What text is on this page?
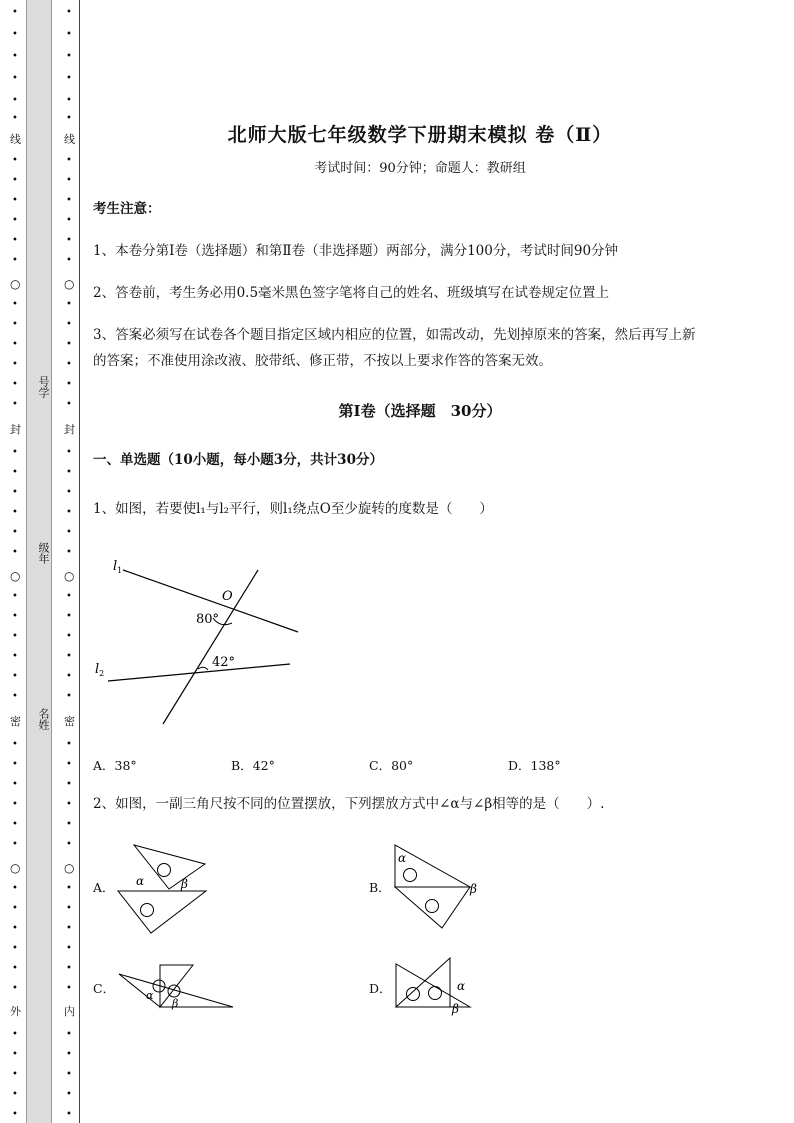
•
•
•
•
•
•
线
•
•
•
•
•
•
○
•
•
•
•
•
•
封
•
•
•
•
•
•
○
•
•
•
•
•
•
密
•
•
•
•
•
•
○
•
•
•
•
•
•
外
•
•
•
•
•
号学
级年
名姓
•
•
•
•
•
•
线
•
•
•
•
•
•
○
•
•
•
•
•
•
封
•
•
•
•
•
•
○
•
•
•
•
•
•
密
•
•
•
•
•
•
○
•
•
•
•
•
•
内
•
•
•
•
•
北师大版七年级数学下册期末模拟 卷（Ⅱ）
考试时间：90分钟；命题人：教研组
考生注意：
1、本卷分第I卷（选择题）和第Ⅱ卷（非选择题）两部分，满分100分，考试时间90分钟
2、答卷前，考生务必用0.5毫米黑色签字笔将自己的姓名、班级填写在试卷规定位置上
3、答案必须写在试卷各个题目指定区域内相应的位置，如需改动，先划掉原来的答案，然后再写上新
的答案；不准使用涂改液、胶带纸、修正带，不按以上要求作答的答案无效。
第I卷（选择题　30分）
一、单选题（10小题，每小题3分，共计30分）
1、如图，若要使l₁与l₂平行，则l₁绕点O至少旋转的度数是（　　）
$l_1$
$l_2$
O
80°
42°
A．38°	B．42°	C．80°	D．138°
2、如图，一副三角尺按不同的位置摆放，下列摆放方式中∠α与∠β相等的是（　　）.
A． α	β	B．
α
β
C．	α
β
D．	α
β
